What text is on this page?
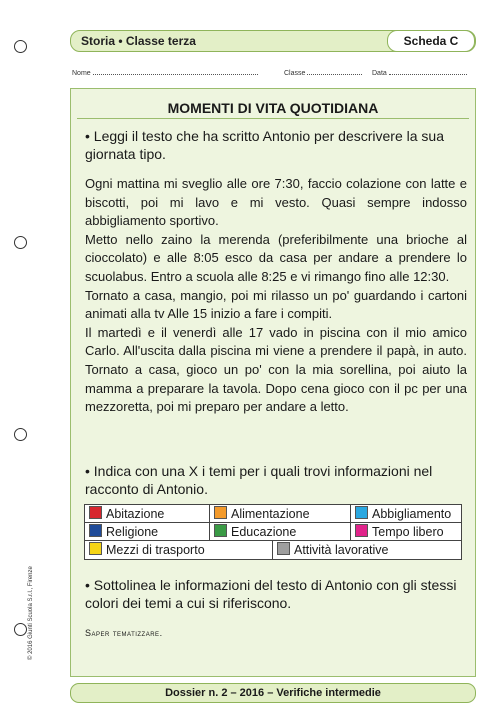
Storia • Classe terza	Scheda C
Nome	Classe	Data
MOMENTI DI VITA QUOTIDIANA
• Leggi il testo che ha scritto Antonio per descrivere la sua giornata tipo.

Ogni mattina mi sveglio alle ore 7:30, faccio colazione con latte e biscotti, poi mi lavo e mi vesto. Quasi sempre indosso abbigliamento sportivo.

Metto nello zaino la merenda (preferibilmente una brioche al cioccolato) e alle 8:05 esco da casa per andare a prendere lo scuolabus. Entro a scuola alle 8:25 e vi rimango fino alle 12:30.

Tornato a casa, mangio, poi mi rilasso un po' guardando i cartoni animati alla tv Alle 15 inizio a fare i compiti.

Il martedì e il venerdì alle 17 vado in piscina con il mio amico Carlo. All'uscita dalla piscina mi viene a prendere il papà, in auto. Tornato a casa, gioco un po' con la mia sorellina, poi aiuto la mamma a preparare la tavola. Dopo cena gioco con il pc per una mezzoretta, poi mi preparo per andare a letto.

• Indica con una X i temi per i quali trovi informazioni nel racconto di Antonio.
Abitazione	Alimentazione	Abbigliamento
Religione	Educazione	Tempo libero
Mezzi di trasporto	Attività lavorative
• Sottolinea le informazioni del testo di Antonio con gli stessi colori dei temi a cui si riferiscono.
Saper tematizzare.
© 2016 Giunti Scuola S.r.l., Firenze
Dossier n. 2 – 2016 – Verifiche intermedie
